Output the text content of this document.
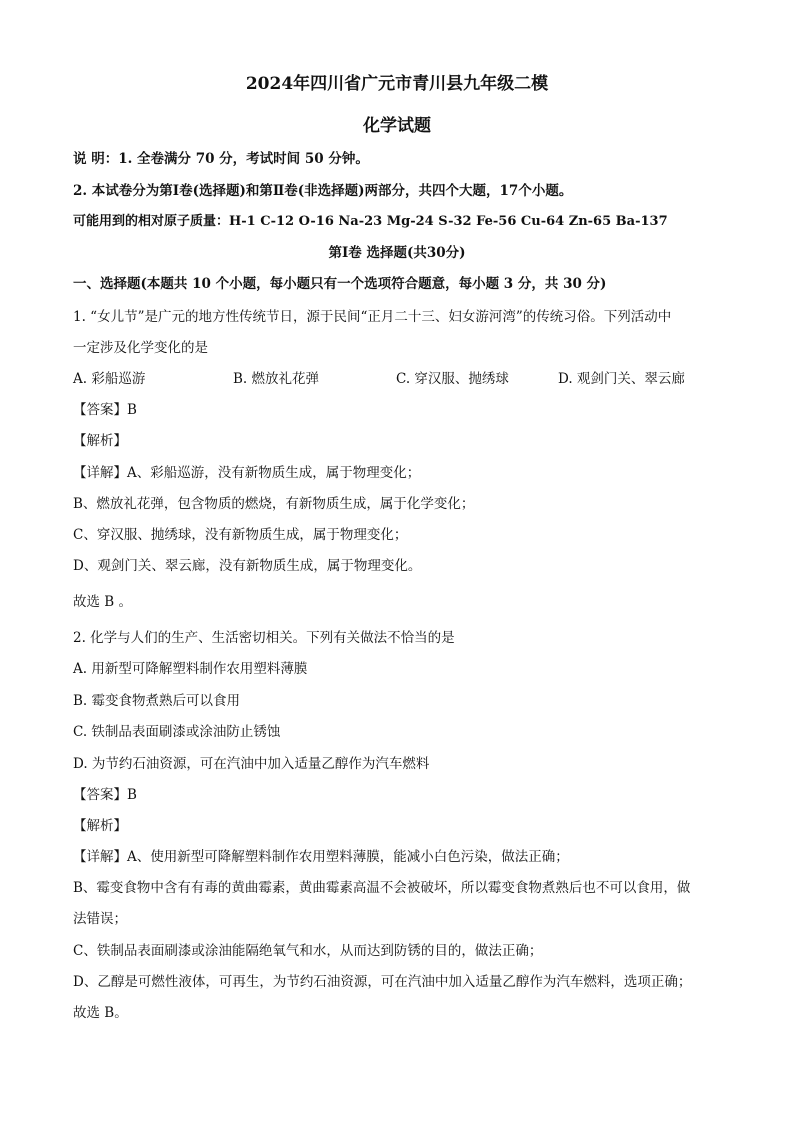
2024年四川省广元市青川县九年级二模
化学试题
说 明：1. 全卷满分 70 分，考试时间 50 分钟。
2. 本试卷分为第Ⅰ卷(选择题)和第Ⅱ卷(非选择题)两部分，共四个大题，17个小题。
可能用到的相对原子质量：H-1 C-12 O-16 Na-23 Mg-24 S-32 Fe-56 Cu-64 Zn-65 Ba-137
第Ⅰ卷 选择题(共30分)
一、选择题(本题共 10 个小题，每小题只有一个选项符合题意，每小题 3 分，共 30 分)
1. “女儿节”是广元的地方性传统节日，源于民间“正月二十三、妇女游河湾”的传统习俗。下列活动中
一定涉及化学变化的是
A. 彩船巡游	B. 燃放礼花弹	C. 穿汉服、抛绣球	D. 观剑门关、翠云廊
【答案】B
【解析】
【详解】A、彩船巡游，没有新物质生成，属于物理变化；
B、燃放礼花弹，包含物质的燃烧，有新物质生成，属于化学变化；
C、穿汉服、抛绣球，没有新物质生成，属于物理变化；
D、观剑门关、翠云廊，没有新物质生成，属于物理变化。
故选 B 。
2. 化学与人们的生产、生活密切相关。下列有关做法不恰当的是
A. 用新型可降解塑料制作农用塑料薄膜
B. 霉变食物煮熟后可以食用
C. 铁制品表面刷漆或涂油防止锈蚀
D. 为节约石油资源，可在汽油中加入适量乙醇作为汽车燃料
【答案】B
【解析】
【详解】A、使用新型可降解塑料制作农用塑料薄膜，能减小白色污染，做法正确；
B、霉变食物中含有有毒的黄曲霉素，黄曲霉素高温不会被破坏，所以霉变食物煮熟后也不可以食用，做
法错误；
C、铁制品表面刷漆或涂油能隔绝氧气和水，从而达到防锈的目的，做法正确；
D、乙醇是可燃性液体，可再生，为节约石油资源，可在汽油中加入适量乙醇作为汽车燃料，选项正确；
故选 B。
